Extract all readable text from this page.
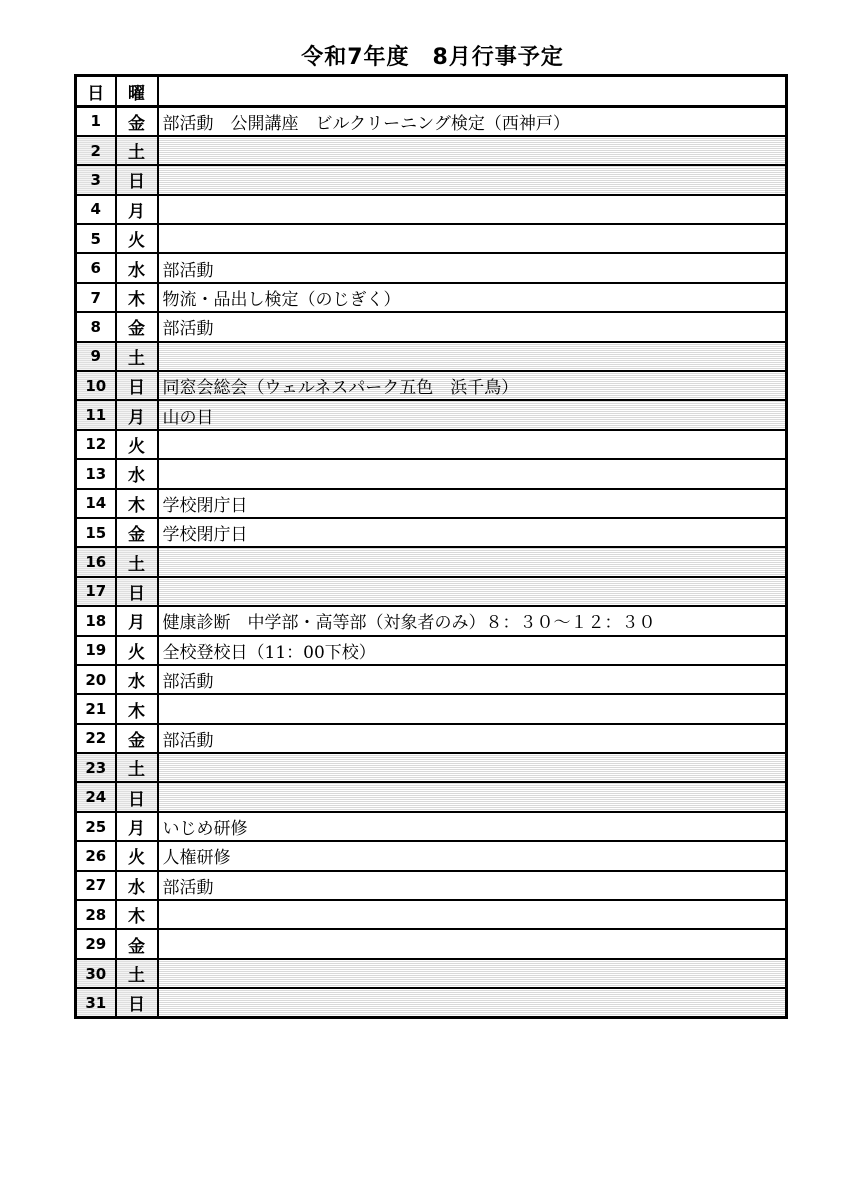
令和7年度　8月行事予定
日	曜	
1	金	部活動　公開講座　ビルクリーニング検定（西神戸）
2	土	
3	日	
4	月	
5	火	
6	水	部活動
7	木	物流・品出し検定（のじぎく）
8	金	部活動
9	土	
10	日	同窓会総会（ウェルネスパーク五色　浜千鳥）
11	月	山の日
12	火	
13	水	
14	木	学校閉庁日
15	金	学校閉庁日
16	土	
17	日	
18	月	健康診断　中学部・高等部（対象者のみ）８：３０～１２：３０
19	火	全校登校日（11：00下校）
20	水	部活動
21	木	
22	金	部活動
23	土	
24	日	
25	月	いじめ研修
26	火	人権研修
27	水	部活動
28	木	
29	金	
30	土	
31	日	
